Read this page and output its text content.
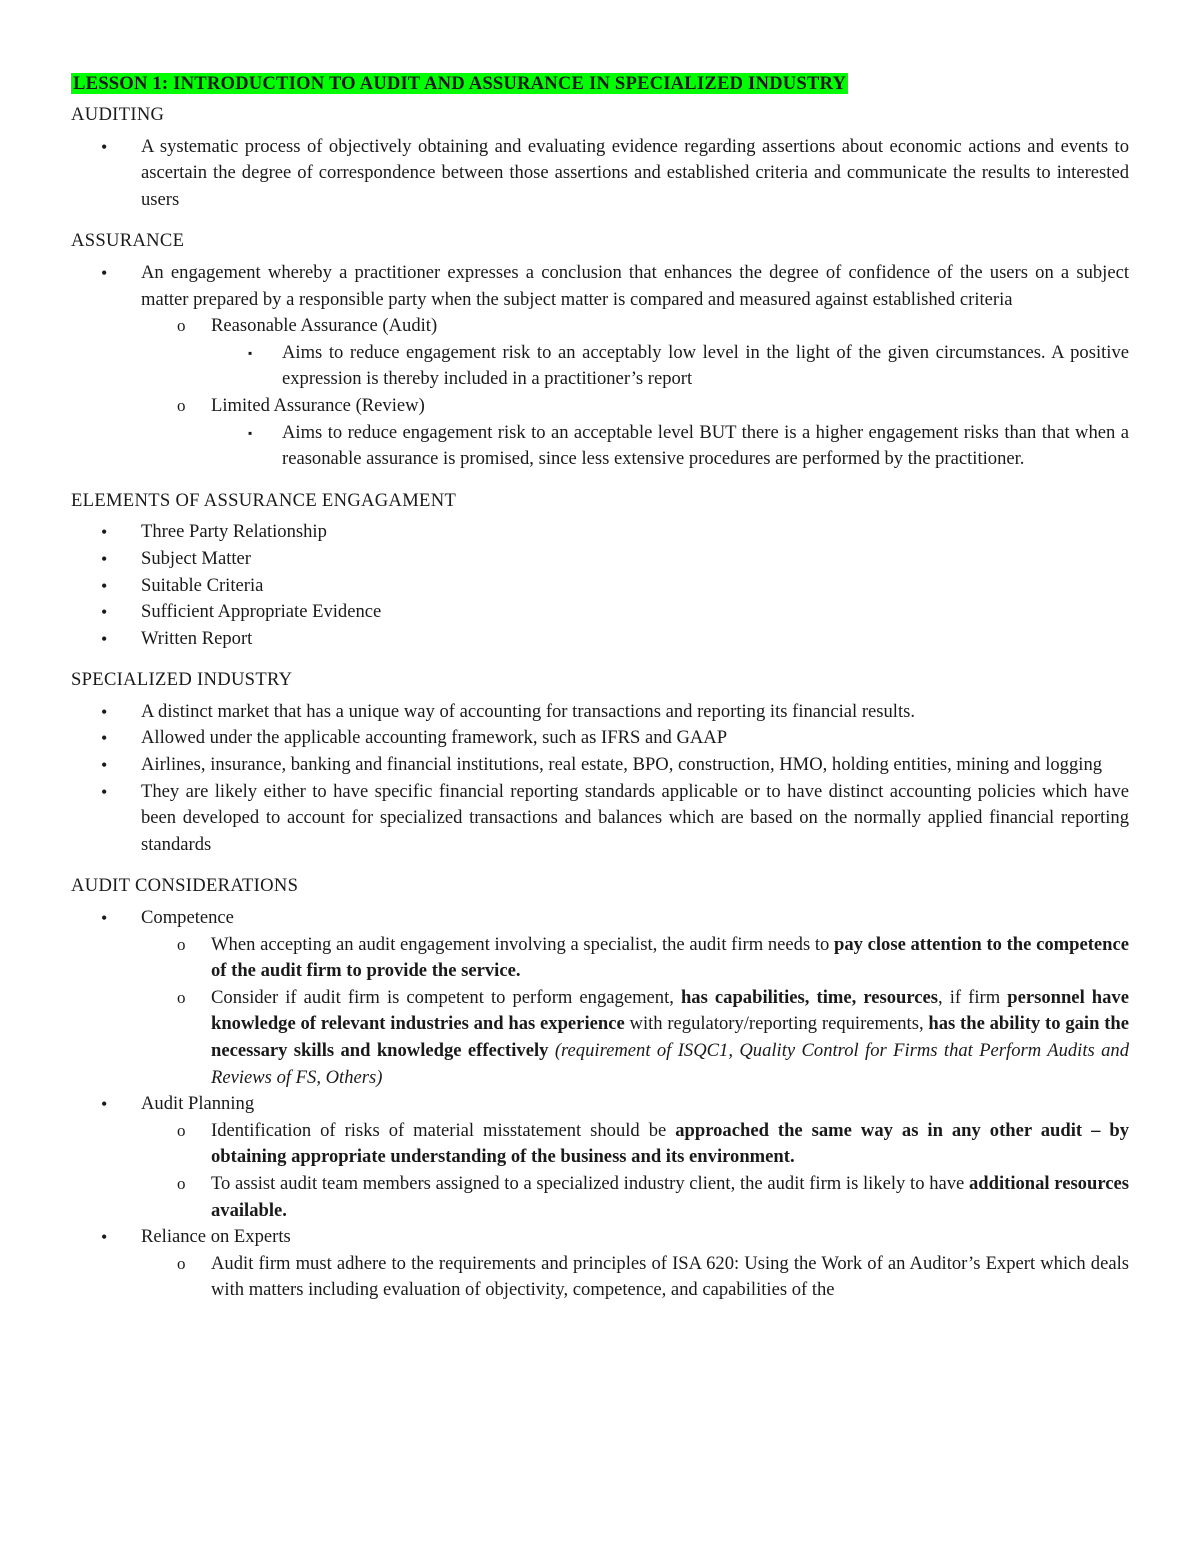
LESSON 1: INTRODUCTION TO AUDIT AND ASSURANCE IN SPECIALIZED INDUSTRY

AUDITING

• A systematic process of objectively obtaining and evaluating evidence regarding assertions about economic actions and events to ascertain the degree of correspondence between those assertions and established criteria and communicate the results to interested users

ASSURANCE

• An engagement whereby a practitioner expresses a conclusion that enhances the degree of confidence of the users on a subject matter prepared by a responsible party when the subject matter is compared and measured against established criteria
o Reasonable Assurance (Audit)
▪ Aims to reduce engagement risk to an acceptably low level in the light of the given circumstances. A positive expression is thereby included in a practitioner’s report
o Limited Assurance (Review)
▪ Aims to reduce engagement risk to an acceptable level BUT there is a higher engagement risks than that when a reasonable assurance is promised, since less extensive procedures are performed by the practitioner.

ELEMENTS OF ASSURANCE ENGAGAMENT

• Three Party Relationship
• Subject Matter
• Suitable Criteria
• Sufficient Appropriate Evidence
• Written Report

SPECIALIZED INDUSTRY

• A distinct market that has a unique way of accounting for transactions and reporting its financial results.
• Allowed under the applicable accounting framework, such as IFRS and GAAP
• Airlines, insurance, banking and financial institutions, real estate, BPO, construction, HMO, holding entities, mining and logging
• They are likely either to have specific financial reporting standards applicable or to have distinct accounting policies which have been developed to account for specialized transactions and balances which are based on the normally applied financial reporting standards

AUDIT CONSIDERATIONS

• Competence
o When accepting an audit engagement involving a specialist, the audit firm needs to pay close attention to the competence of the audit firm to provide the service.
o Consider if audit firm is competent to perform engagement, has capabilities, time, resources, if firm personnel have knowledge of relevant industries and has experience with regulatory/reporting requirements, has the ability to gain the necessary skills and knowledge effectively (requirement of ISQC1, Quality Control for Firms that Perform Audits and Reviews of FS, Others)
• Audit Planning
o Identification of risks of material misstatement should be approached the same way as in any other audit – by obtaining appropriate understanding of the business and its environment.
o To assist audit team members assigned to a specialized industry client, the audit firm is likely to have additional resources available.
• Reliance on Experts
o Audit firm must adhere to the requirements and principles of ISA 620: Using the Work of an Auditor’s Expert which deals with matters including evaluation of objectivity, competence, and capabilities of the
